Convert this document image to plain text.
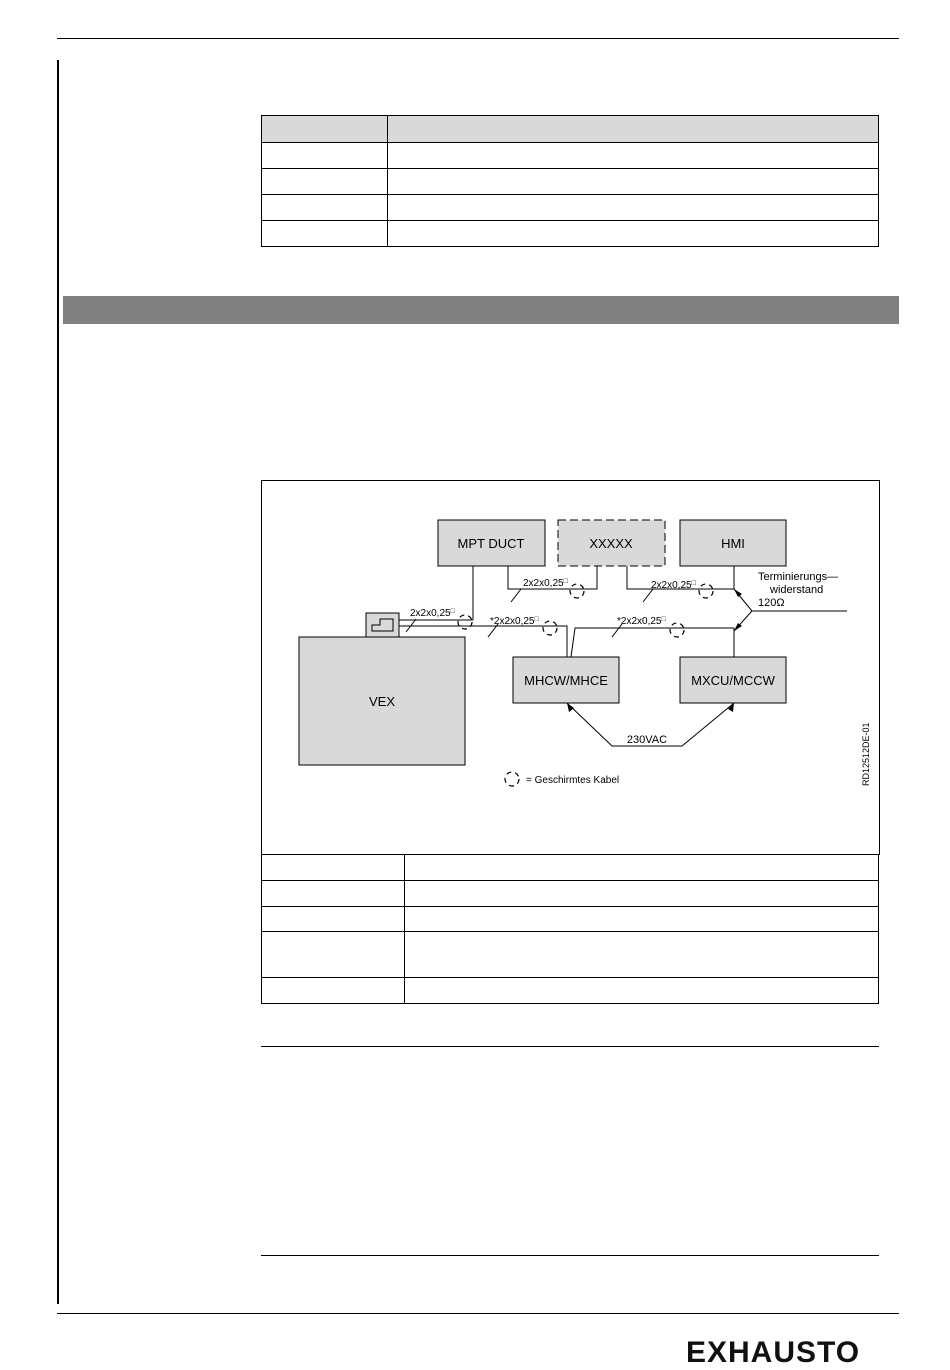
MPT DUCT	XXXXX	HMI
VEX
MHCW/MHCE	MXCU/MCCW
2x2x0,25□
2x2x0,25□	2x2x0,25□
*2x2x0,25□	*2x2x0,25□
Terminierungs—
widerstand
120Ω
230VAC
= Geschirmtes Kabel	RD12512DE-01

EXHAUSTO
